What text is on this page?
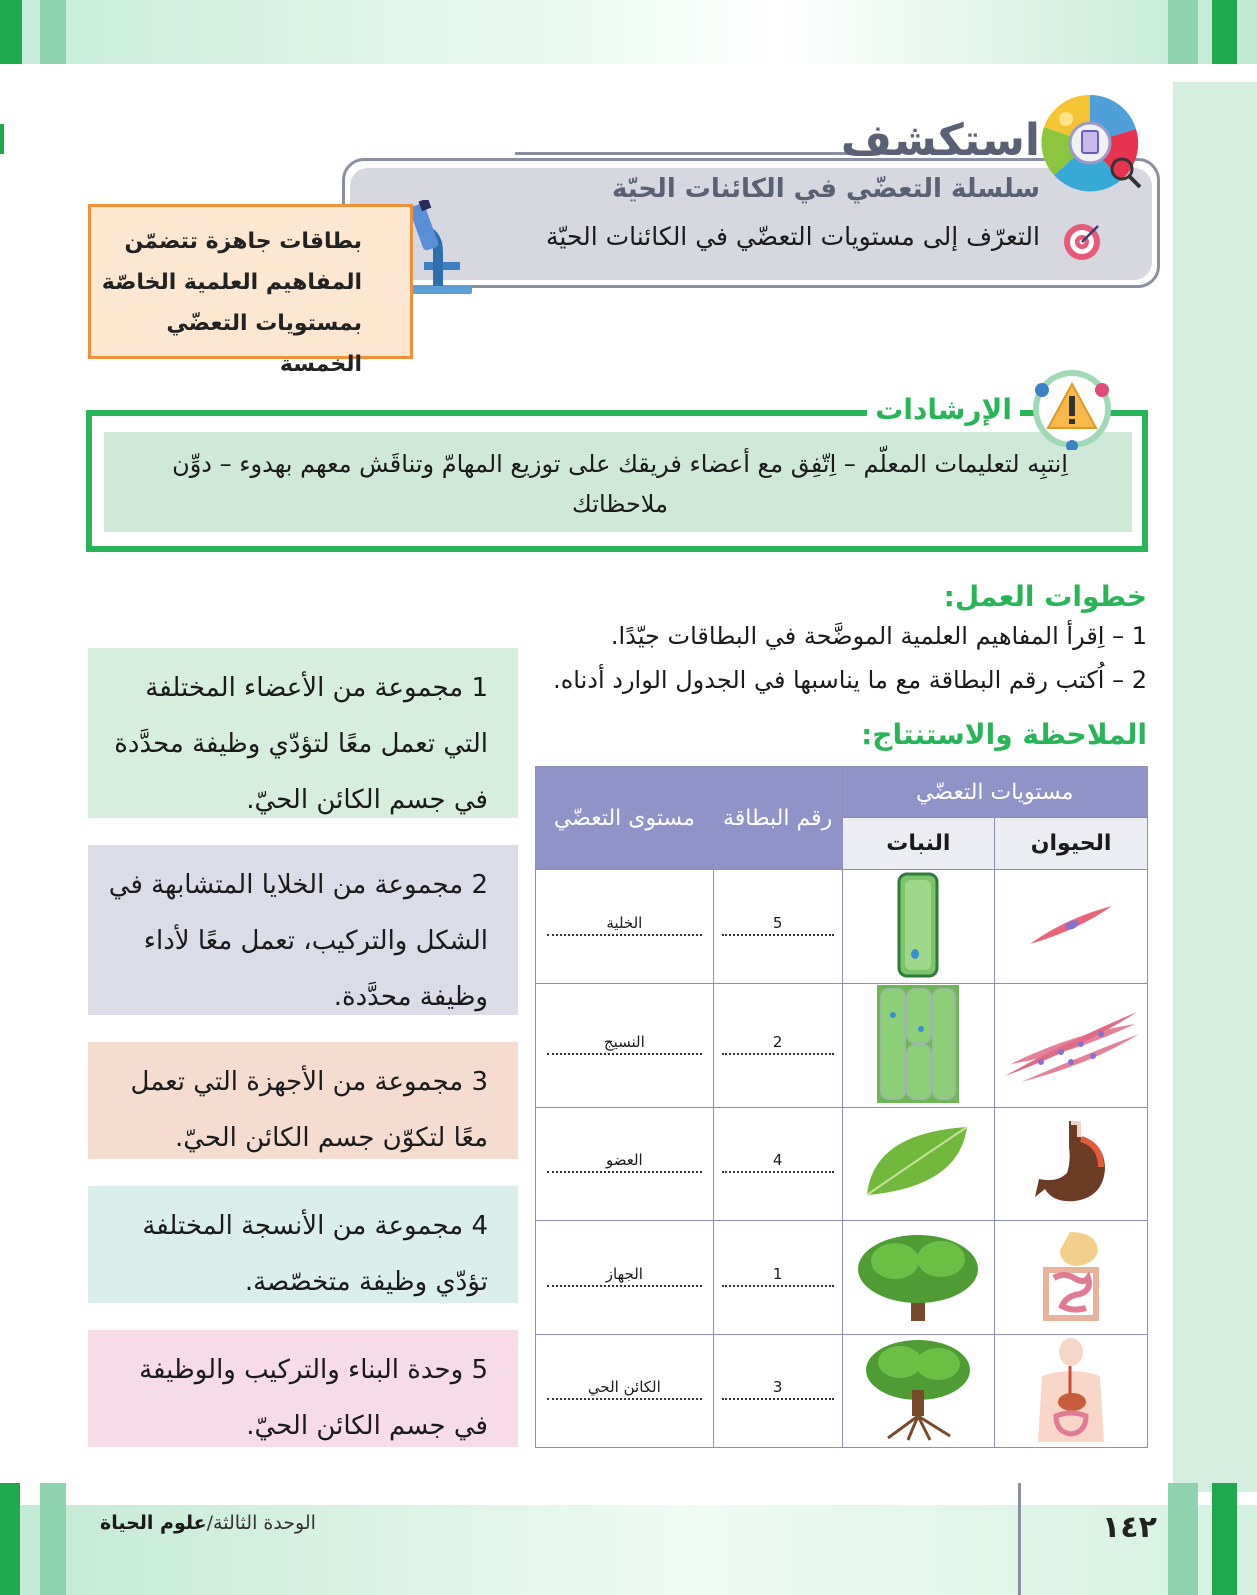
استكشف
سلسلة التعضّي في الكائنات الحيّة
التعرّف إلى مستويات التعضّي في الكائنات الحيّة
بطاقات جاهزة تتضمّن
المفاهيم العلمية الخاصّة
بمستويات التعضّي الخمسة
الإرشادات
اِنتبِه لتعليمات المعلّم – اِتّفِق مع أعضاء فريقك على توزيع المهامّ وتناقَش معهم بهدوء – دوِّن ملاحظاتك
خطوات العمل:
1 – اِقرأ المفاهيم العلمية الموضَّحة في البطاقات جيّدًا.
2 – اُكتب رقم البطاقة مع ما يناسبها في الجدول الوارد أدناه.
الملاحظة والاستنتاج:
1 مجموعة من الأعضاء المختلفة التي تعمل معًا لتؤدّي وظيفة محدَّدة في جسم الكائن الحيّ.
2 مجموعة من الخلايا المتشابهة في الشكل والتركيب، تعمل معًا لأداء وظيفة محدَّدة.
3 مجموعة من الأجهزة التي تعمل معًا لتكوّن جسم الكائن الحيّ.
4 مجموعة من الأنسجة المختلفة تؤدّي وظيفة متخصّصة.
5 وحدة البناء والتركيب والوظيفة في جسم الكائن الحيّ.
مستويات التعضّي		رقم البطاقة	مستوى التعضّي
الحيوان	النبات		

5	الخلية

2	النسيج

4	العضو

1	الجهاز

3	الكائن الحي
الوحدة الثالثة/علوم الحياة	١٤٢
